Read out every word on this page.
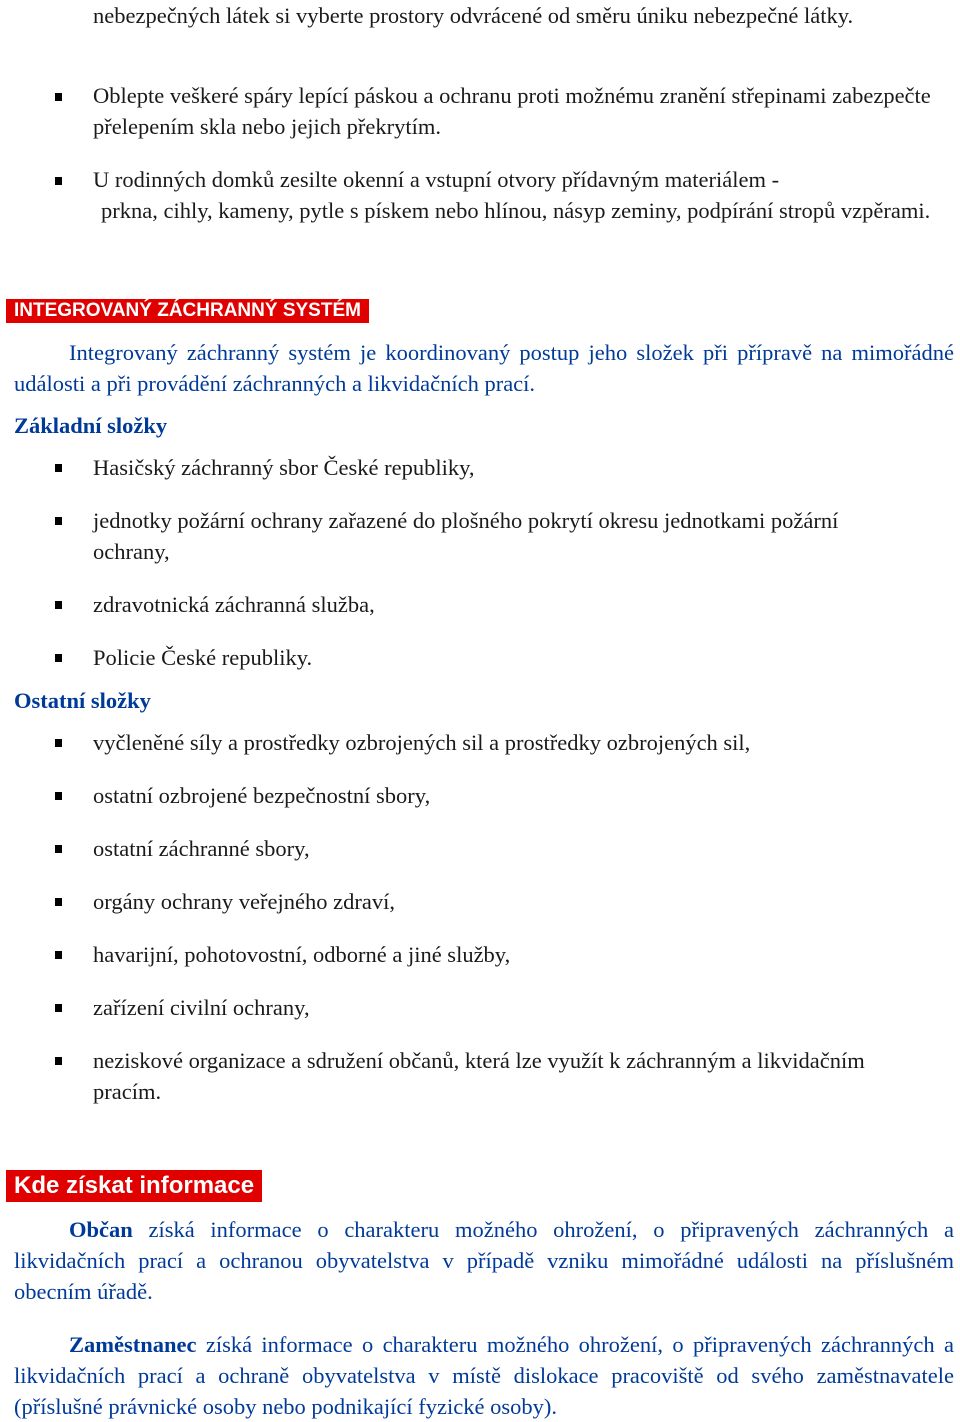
nebezpečných látek si vyberte prostory odvrácené od směru úniku nebezpečné látky.

Oblepte veškeré spáry lepící páskou a ochranu proti možnému zranění střepinami zabezpečte přelepením skla nebo jejich překrytím.

U rodinných domků zesilte okenní a vstupní otvory přídavným materiálem -
prkna, cihly, kameny, pytle s pískem nebo hlínou, násyp zeminy, podpírání stropů vzpěrami.

INTEGROVANÝ ZÁCHRANNÝ SYSTÉM

Integrovaný záchranný systém je koordinovaný postup jeho složek při přípravě na mimořádné události a při provádění záchranných a likvidačních prací.

Základní složky

Hasičský záchranný sbor České republiky,

jednotky požární ochrany zařazené do plošného pokrytí okresu jednotkami požární ochrany,

zdravotnická záchranná služba,

Policie České republiky.

Ostatní složky

vyčleněné síly a prostředky ozbrojených sil a prostředky ozbrojených sil,

ostatní ozbrojené bezpečnostní sbory,

ostatní záchranné sbory,

orgány ochrany veřejného zdraví,

havarijní, pohotovostní, odborné a jiné služby,

zařízení civilní ochrany,

neziskové organizace a sdružení občanů, která lze využít k záchranným a likvidačním pracím.

Kde získat informace

Občan získá informace o charakteru možného ohrožení, o připravených záchranných a likvidačních prací a ochranou obyvatelstva v případě vzniku mimořádné události na příslušném obecním úřadě.

Zaměstnanec získá informace o charakteru možného ohrožení, o připravených záchranných a likvidačních prací a ochraně obyvatelstva v místě dislokace pracoviště od svého zaměstnavatele (příslušné právnické osoby nebo podnikající fyzické osoby).
